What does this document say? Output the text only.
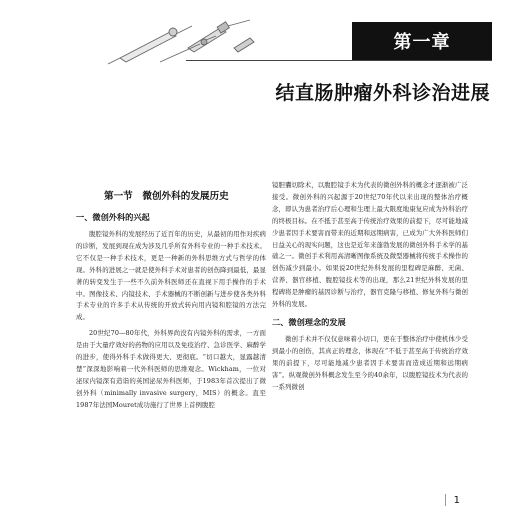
第一章
结直肠肿瘤外科诊治进展
第一节　微创外科的发展历史
一、微创外科的兴起

腹腔镜外科的发展经历了近百年的历史，从最初的用作对疾病的诊断，发展到现在成为涉及几乎所有外科专业的一种手术技术。它不仅是一种手术技术，更是一种新的外科思维方式与哲学的体现。外科的进展之一就是使外科手术对患者的创伤降到最低，最显著的转变发生于一些不久前外科医师还在直视下用手操作的手术中。图像技术、内镜技术、手术器械的不断创新与进步使各类外科手术专业的许多手术从传统的开放式转向用内镜和腔镜的方法完成。

20世纪70—80年代，外科界尚没有内镜外科的需求，一方面是由于大量疗效好的药物的应用以及免疫治疗、急诊医学、麻醉学的进步，使得外科手术做得更大、更彻底。“切口越大，显露越清楚”深深地影响着一代外科医师的思维观念。Wickham，一位对泌尿内镜深有造诣的英国泌尿外科医师，于1983年首次提出了微创外科（minimally invasive surgery，MIS）的概念。直至1987年法国Mouret成功施行了世界上首例腹腔

镜胆囊切除术，以腹腔镜手术为代表的微创外科的概念才逐渐被广泛接受。微创外科的兴起源于20世纪70年代以来出现的整体治疗概念，即认为患者治疗后心理和生理上最大限度地康复应成为外科治疗的终极目标。在不抵于甚至高于传统治疗效果的前提下，尽可能地减少患者因手术要害而带来的近期和远期病害，已成为广大外科医师们日益关心的现实问题，这也是近年来蓬勃发展的微创外科手术学的基础之一。微创手术利用高清晰图像系统及微型器械将传统手术操作的创伤减少到最小。如果说20世纪外科发展的里程碑是麻醉、无菌、营养、器官移植、腹腔镜技术等的出现，那么21世纪外科发展的里程碑将是肿瘤的基因诊断与治疗，器官克隆与移植、修复外科与微创外科的发展。

二、微创理念的发展

微创手术并不仅仅意味着小切口，更在于整体治疗中使机体少受到最小的创伤，其真正的理念，体现在“不低于甚至高于传统治疗效果的前提下，尽可能地减少患者因手术要害而造成近期和远期病害”。纵观微创外科概念发生至今的40余年，以腹腔镜技术为代表的一系列微创

1
